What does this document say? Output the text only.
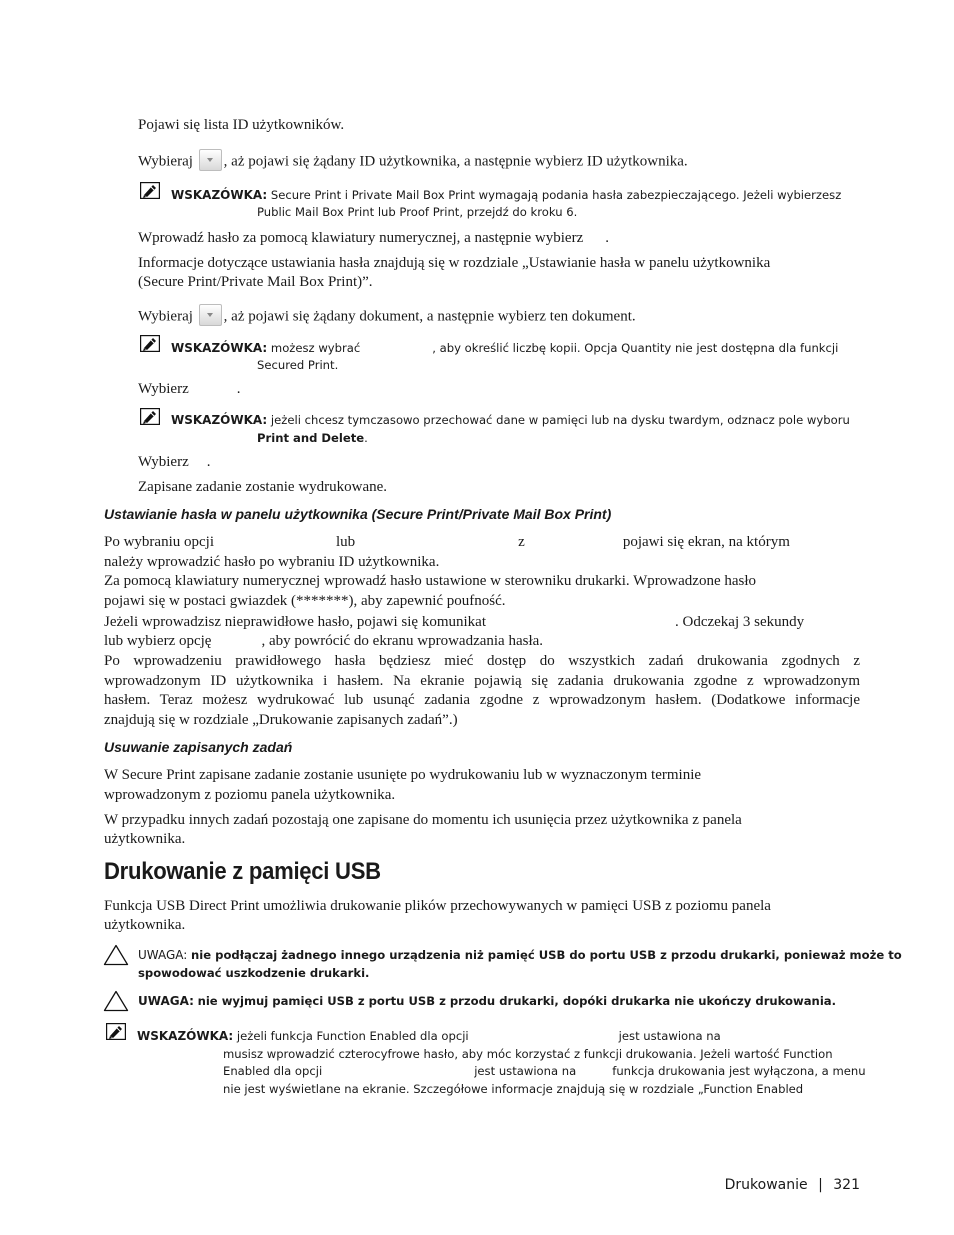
Pojawi się lista ID użytkowników.
Wybieraj , aż pojawi się żądany ID użytkownika, a następnie wybierz ID użytkownika.
WSKAZÓWKA: Secure Print i Private Mail Box Print wymagają podania hasła zabezpieczającego. Jeżeli wybierzesz
Public Mail Box Print lub Proof Print, przejdź do kroku 6.
Wprowadź hasło za pomocą klawiatury numerycznej, a następnie wybierz .
Informacje dotyczące ustawiania hasła znajdują się w rozdziale „Ustawianie hasła w panelu użytkownika
(Secure Print/Private Mail Box Print)”.
Wybieraj , aż pojawi się żądany dokument, a następnie wybierz ten dokument.
WSKAZÓWKA: możesz wybrać	, aby określić liczbę kopii. Opcja Quantity nie jest dostępna dla funkcji
Secured Print.
Wybierz	.
WSKAZÓWKA: jeżeli chcesz tymczasowo przechować dane w pamięci lub na dysku twardym, odznacz pole wyboru
Print and Delete.
Wybierz .
Zapisane zadanie zostanie wydrukowane.
Ustawianie hasła w panelu użytkownika (Secure Print/Private Mail Box Print)
Po wybraniu opcji	lub	z	pojawi się ekran, na którym
należy wprowadzić hasło po wybraniu ID użytkownika.
Za pomocą klawiatury numerycznej wprowadź hasło ustawione w sterowniku drukarki. Wprowadzone hasło
pojawi się w postaci gwiazdek (*******), aby zapewnić poufność.
Jeżeli wprowadzisz nieprawidłowe hasło, pojawi się komunikat	. Odczekaj 3 sekundy
lub wybierz opcję	, aby powrócić do ekranu wprowadzania hasła.
Po wprowadzeniu prawidłowego hasła będziesz mieć dostęp do wszystkich zadań drukowania zgodnych z
wprowadzonym ID użytkownika i hasłem. Na ekranie pojawią się zadania drukowania zgodne z wprowadzonym
hasłem. Teraz możesz wydrukować lub usunąć zadania zgodne z wprowadzonym hasłem. (Dodatkowe informacje
znajdują się w rozdziale „Drukowanie zapisanych zadań”.)
Usuwanie zapisanych zadań
W Secure Print zapisane zadanie zostanie usunięte po wydrukowaniu lub w wyznaczonym terminie
wprowadzonym z poziomu panela użytkownika.
W przypadku innych zadań pozostają one zapisane do momentu ich usunięcia przez użytkownika z panela
użytkownika.
Drukowanie z pamięci USB
Funkcja USB Direct Print umożliwia drukowanie plików przechowywanych w pamięci USB z poziomu panela
użytkownika.
UWAGA: nie podłączaj żadnego innego urządzenia niż pamięć USB do portu USB z przodu drukarki, ponieważ może to
spowodować uszkodzenie drukarki.
UWAGA: nie wyjmuj pamięci USB z portu USB z przodu drukarki, dopóki drukarka nie ukończy drukowania.
WSKAZÓWKA: jeżeli funkcja Function Enabled dla opcji	jest ustawiona na
musisz wprowadzić czterocyfrowe hasło, aby móc korzystać z funkcji drukowania. Jeżeli wartość Function
Enabled dla opcji	jest ustawiona na	funkcja drukowania jest wyłączona, a menu
nie jest wyświetlane na ekranie. Szczegółowe informacje znajdują się w rozdziale „Function Enabled
Drukowanie | 321
